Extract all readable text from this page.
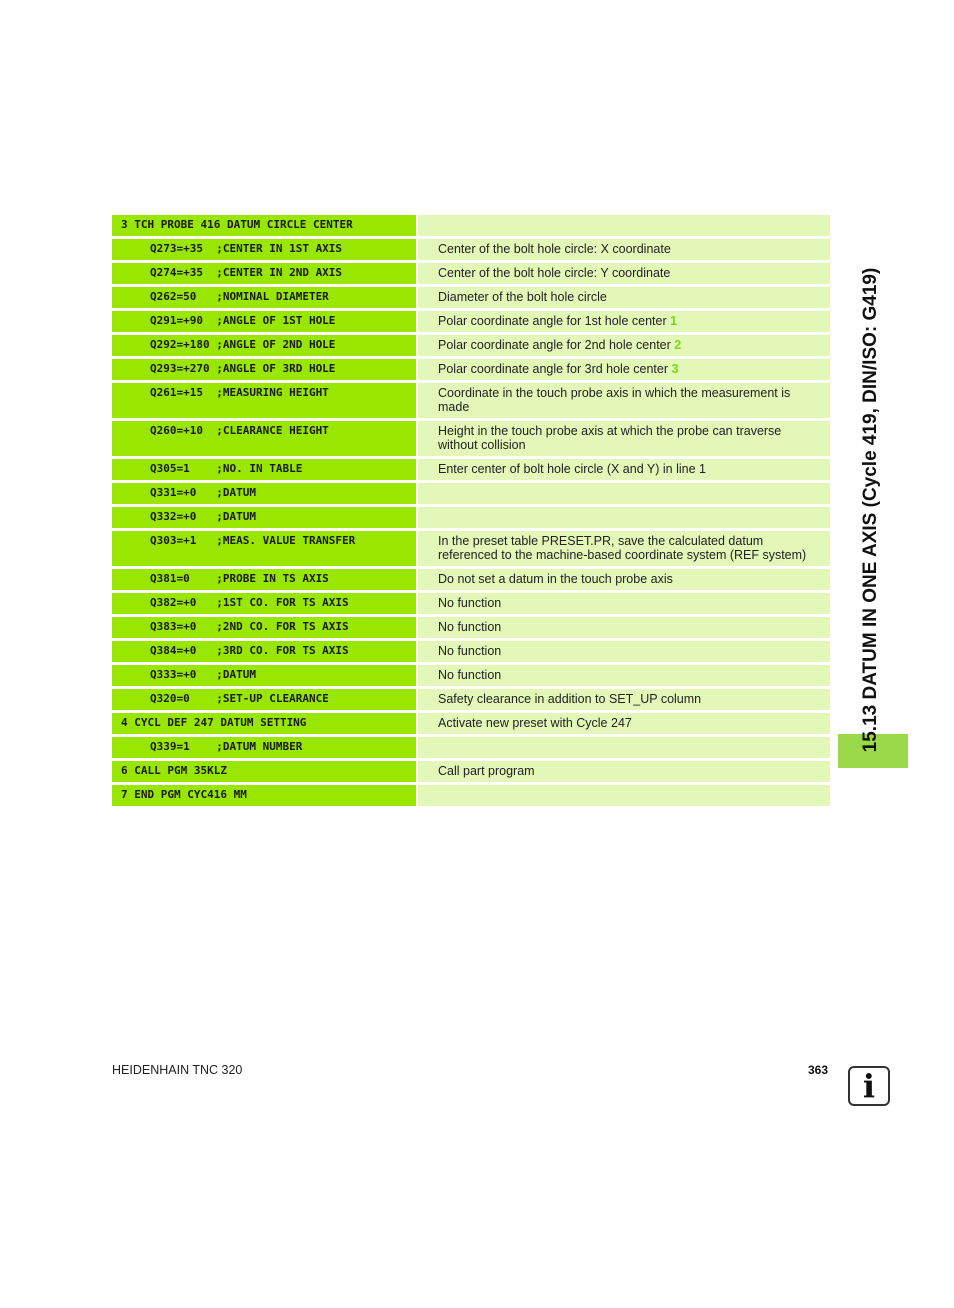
3 TCH PROBE 416 DATUM CIRCLE CENTER
Q273=+35  ;CENTER IN 1ST AXIS	Center of the bolt hole circle: X coordinate
Q274=+35  ;CENTER IN 2ND AXIS	Center of the bolt hole circle: Y coordinate
Q262=50   ;NOMINAL DIAMETER	Diameter of the bolt hole circle
Q291=+90  ;ANGLE OF 1ST HOLE	Polar coordinate angle for 1st hole center 1
Q292=+180 ;ANGLE OF 2ND HOLE	Polar coordinate angle for 2nd hole center 2
Q293=+270 ;ANGLE OF 3RD HOLE	Polar coordinate angle for 3rd hole center 3
Q261=+15  ;MEASURING HEIGHT	Coordinate in the touch probe axis in which the measurement is made
Q260=+10  ;CLEARANCE HEIGHT	Height in the touch probe axis at which the probe can traverse without collision
Q305=1    ;NO. IN TABLE	Enter center of bolt hole circle (X and Y) in line 1
Q331=+0   ;DATUM
Q332=+0   ;DATUM
Q303=+1   ;MEAS. VALUE TRANSFER	In the preset table PRESET.PR, save the calculated datum referenced to the machine-based coordinate system (REF system)
Q381=0    ;PROBE IN TS AXIS	Do not set a datum in the touch probe axis
Q382=+0   ;1ST CO. FOR TS AXIS	No function
Q383=+0   ;2ND CO. FOR TS AXIS	No function
Q384=+0   ;3RD CO. FOR TS AXIS	No function
Q333=+0   ;DATUM	No function
Q320=0    ;SET-UP CLEARANCE	Safety clearance in addition to SET_UP column
4 CYCL DEF 247 DATUM SETTING	Activate new preset with Cycle 247
Q339=1    ;DATUM NUMBER
6 CALL PGM 35KLZ	Call part program
7 END PGM CYC416 MM
15.13 DATUM IN ONE AXIS (Cycle 419, DIN/ISO: G419)
HEIDENHAIN TNC 320	363 i
